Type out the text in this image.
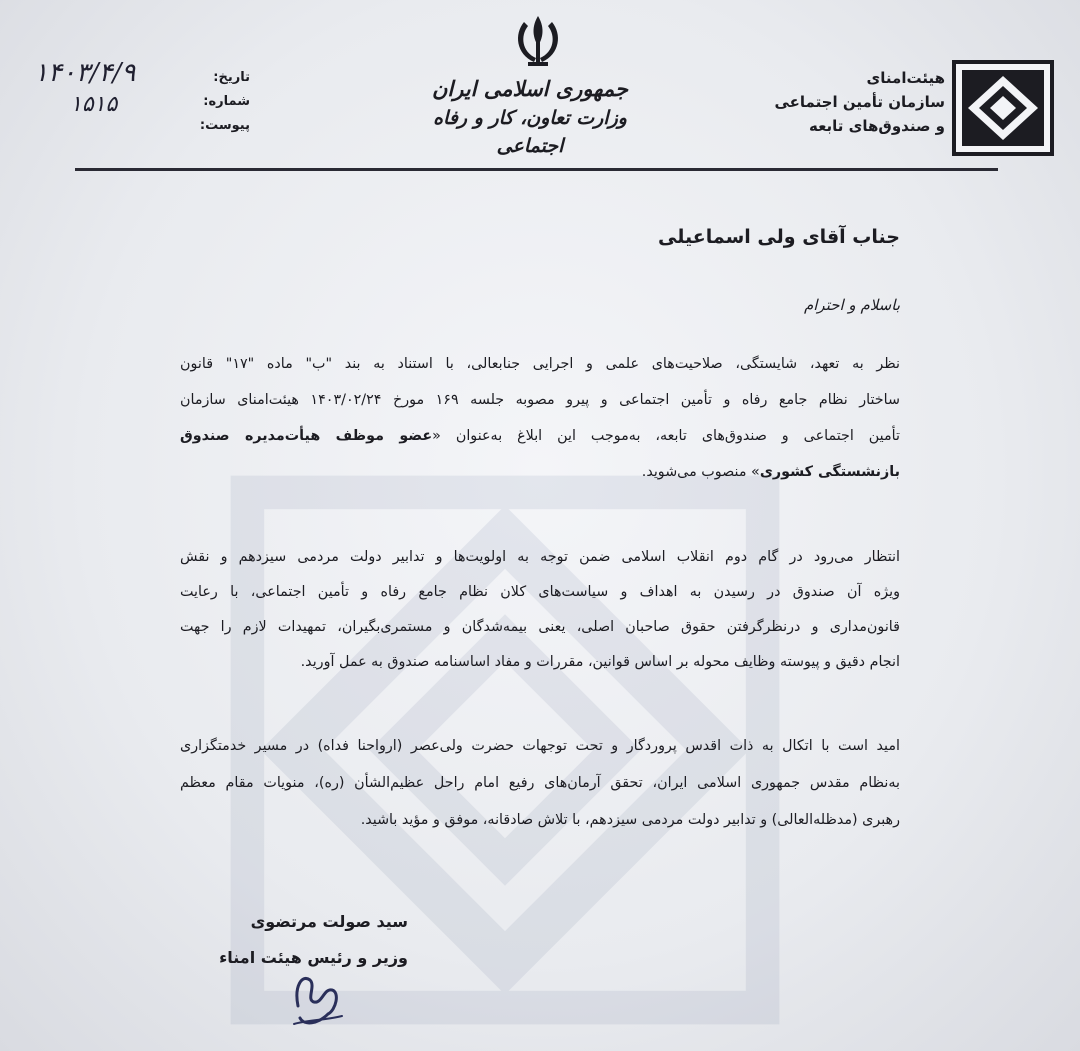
هیئت‌امنای
سازمان تأمین اجتماعی
و صندوق‌های تابعه
جمهوری اسلامی ایران
وزارت تعاون، کار و رفاه اجتماعی
تاریخ:
شماره:
پیوست:
۱۴۰۳/۴/۹
۱۵۱۵
جناب آقای ولی اسماعیلی
باسلام و احترام
نظر به تعهد، شایستگی، صلاحیت‌های علمی و اجرایی جنابعالی، با استناد به بند "ب" ماده "۱۷" قانون
ساختار نظام جامع رفاه و تأمین اجتماعی و پیرو مصوبه جلسه ۱۶۹ مورخ ۱۴۰۳/۰۲/۲۴ هیئت‌امنای سازمان
تأمین اجتماعی و صندوق‌های تابعه، به‌موجب این ابلاغ به‌عنوان «عضو موظف هیأت‌مدیره صندوق
بازنشستگی کشوری» منصوب می‌شوید.
انتظار می‌رود در گام دوم انقلاب اسلامی ضمن توجه به اولویت‌ها و تدابیر دولت مردمی سیزدهم و نقش
ویژه آن صندوق در رسیدن به اهداف و سیاست‌های کلان نظام جامع رفاه و تأمین اجتماعی، با رعایت
قانون‌مداری و درنظرگرفتن حقوق صاحبان اصلی، یعنی بیمه‌شدگان و مستمری‌بگیران، تمهیدات لازم را جهت
انجام دقیق و پیوسته وظایف محوله بر اساس قوانین، مقررات و مفاد اساسنامه صندوق به عمل آورید.
امید است با اتکال به ذات اقدس پروردگار و تحت توجهات حضرت ولی‌عصر (ارواحنا فداه) در مسیر خدمتگزاری
به‌نظام مقدس جمهوری اسلامی ایران، تحقق آرمان‌های رفیع امام راحل عظیم‌الشأن (ره)، منویات مقام معظم
رهبری (مدظله‌العالی) و تدابیر دولت مردمی سیزدهم، با تلاش صادقانه، موفق و مؤید باشید.
سید صولت مرتضوی
وزیر و رئیس هیئت امناء
